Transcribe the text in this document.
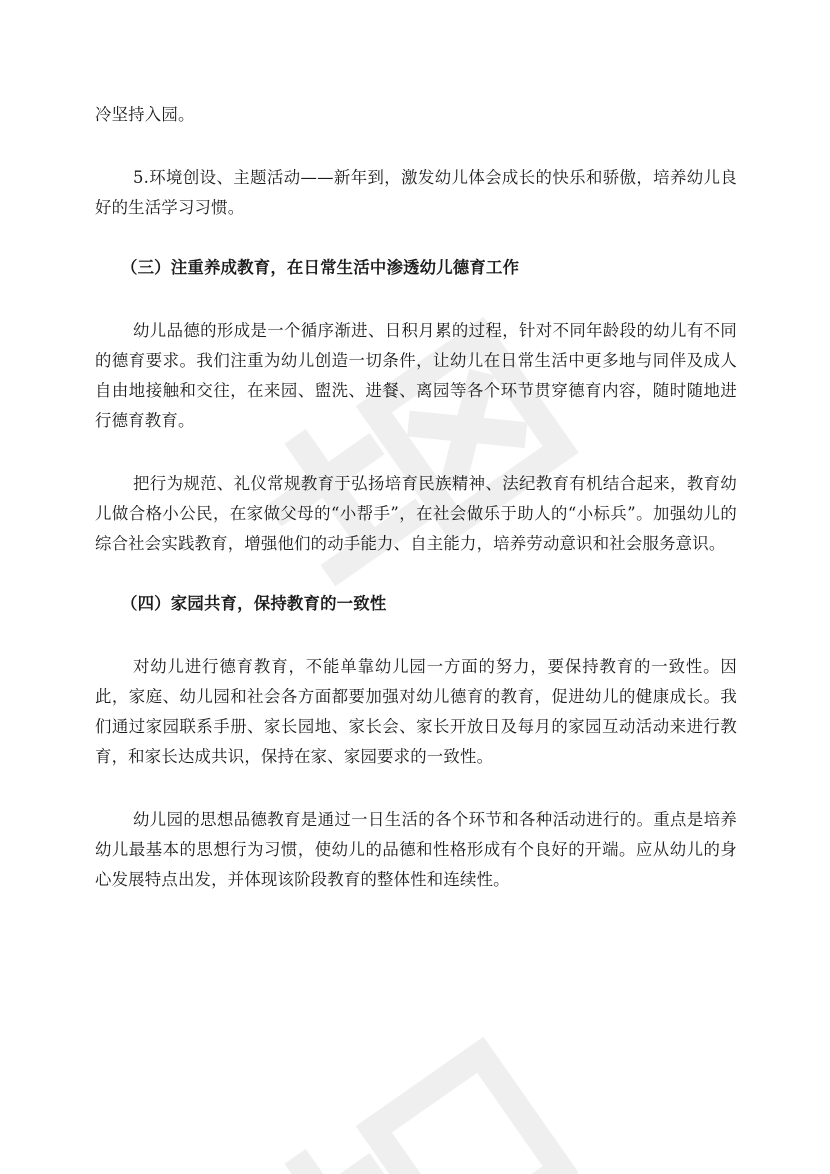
冷坚持入园。

5.环境创设、主题活动——新年到，激发幼儿体会成长的快乐和骄傲，培养幼儿良好的生活学习习惯。

（三）注重养成教育，在日常生活中渗透幼儿德育工作

幼儿品德的形成是一个循序渐进、日积月累的过程，针对不同年龄段的幼儿有不同的德育要求。我们注重为幼儿创造一切条件，让幼儿在日常生活中更多地与同伴及成人自由地接触和交往，在来园、盥洗、进餐、离园等各个环节贯穿德育内容，随时随地进行德育教育。

把行为规范、礼仪常规教育于弘扬培育民族精神、法纪教育有机结合起来，教育幼儿做合格小公民，在家做父母的“小帮手”，在社会做乐于助人的“小标兵”。加强幼儿的综合社会实践教育，增强他们的动手能力、自主能力，培养劳动意识和社会服务意识。

（四）家园共育，保持教育的一致性

对幼儿进行德育教育，不能单靠幼儿园一方面的努力，要保持教育的一致性。因此，家庭、幼儿园和社会各方面都要加强对幼儿德育的教育，促进幼儿的健康成长。我们通过家园联系手册、家长园地、家长会、家长开放日及每月的家园互动活动来进行教育，和家长达成共识，保持在家、家园要求的一致性。

幼儿园的思想品德教育是通过一日生活的各个环节和各种活动进行的。重点是培养幼儿最基本的思想行为习惯，使幼儿的品德和性格形成有个良好的开端。应从幼儿的身心发展特点出发，并体现该阶段教育的整体性和连续性。
